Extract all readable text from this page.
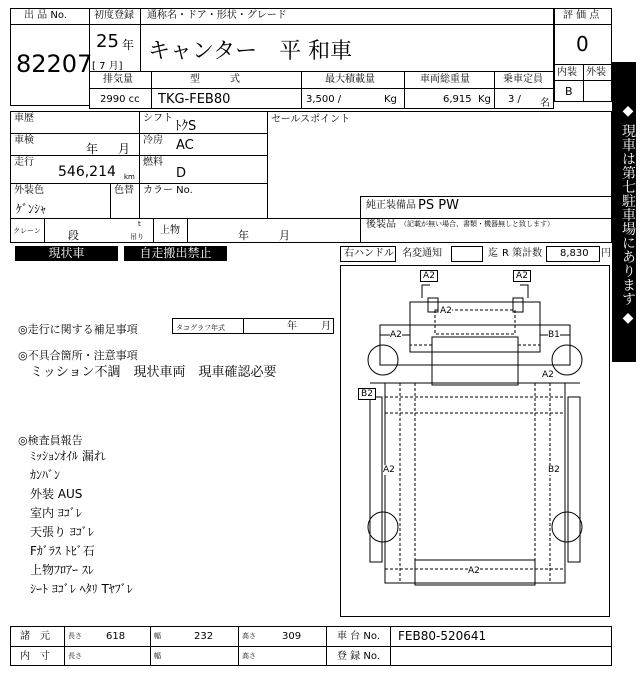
出 品 No.
82207
初度登録 通称名・ドア・形状・グレード
25 年
[ 7 月]
キャンター　平 和車
評 価 点
0
内装 外装
B
排気量	型　　　式	最大積載量	車両総重量	乗車定員
2990 cc TKG-FEB80	3,500 /	Kg	6,915 Kg 3 / 名
車歴	シフト
ﾄｸS	セールスポイント
車検
年 月
冷房 AC
走行
546,214 km
燃料
D
外装色
ｹﾞﾝｼｬ
色替 カラー No.
純正装備品 PS PW
後装品 （記載が無い場合、書類・機器無しと致します）
クレーン 段
t
吊り
上物	年	月
現状車	自走搬出禁止	右ハンドル 名変通知	迄 R 策計数 8,830 円
◎走行に関する補足事項	タコグラフ年式	年 月
◎不具合箇所・注意事項
ミッション不調　現状車両　現車確認必要
◎検査員報告
ﾐｯｼｮﾝｵｲﾙ 漏れ
ｶﾝﾊﾞﾝ
外装 AUS
室内 ﾖｺﾞﾚ
天張り ﾖｺﾞﾚ
Fｶﾞﾗｽ ﾄﾋﾞ石
上物ﾌﾛｱｰ ｽﾚ
ｼｰﾄ ﾖｺﾞﾚ ﾍﾀﾘ Tﾔﾌﾞﾚ
A2	A2
A2
A2	B1
A2
B2
A2	B2
A2
◆ 現車は第七駐車場にあります ◆
諸　元	長さ 618	幅	232	高さ	309	車 台 No. FEB80-520641
内　寸	長さ	幅	高さ	登 録 No.
